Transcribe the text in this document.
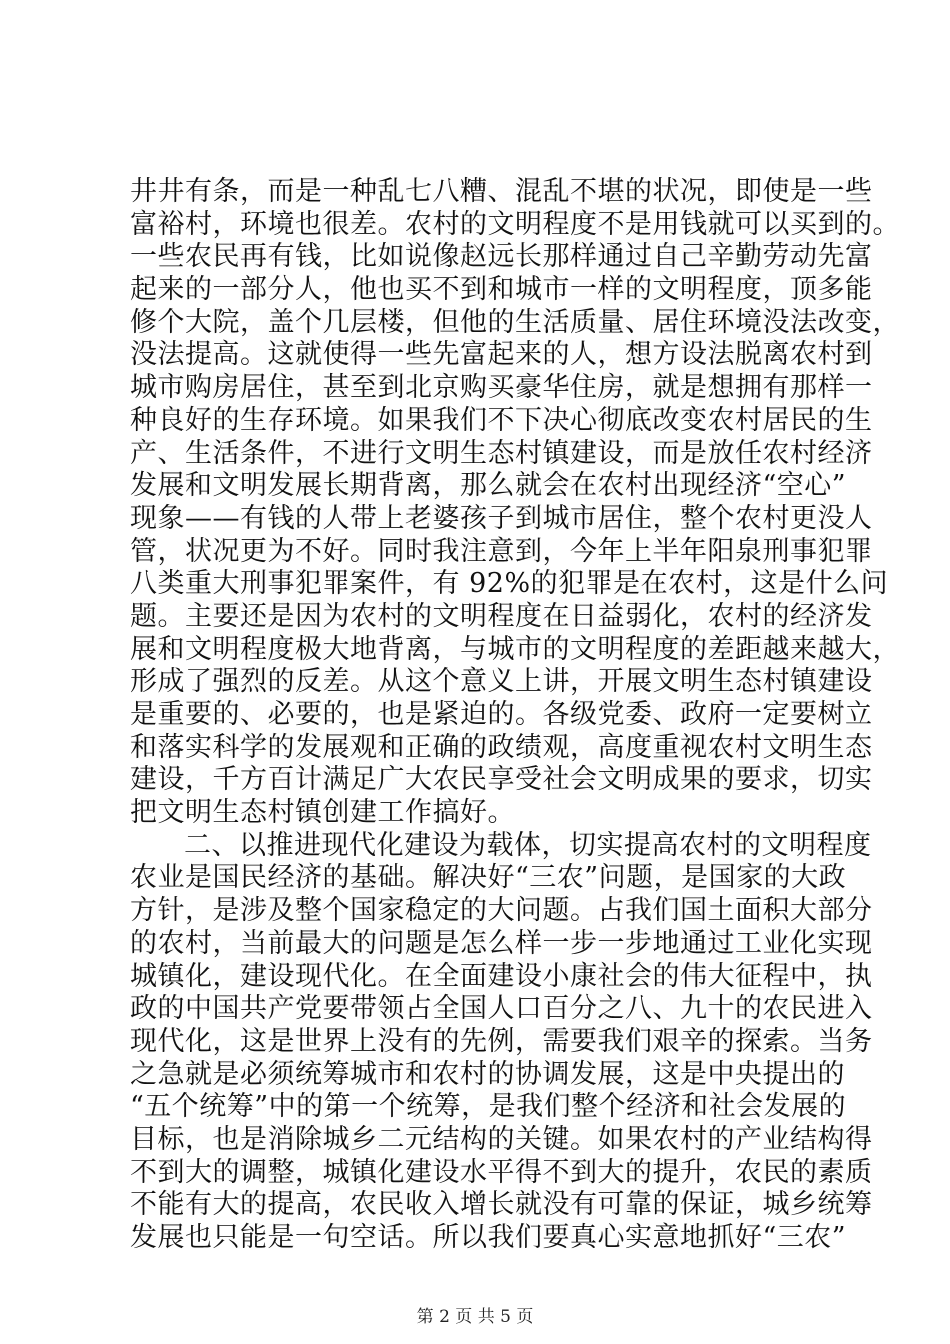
井井有条，而是一种乱七八糟、混乱不堪的状况，即使是一些
富裕村，环境也很差。农村的文明程度不是用钱就可以买到的。
一些农民再有钱，比如说像赵远长那样通过自己辛勤劳动先富
起来的一部分人，他也买不到和城市一样的文明程度，顶多能
修个大院，盖个几层楼，但他的生活质量、居住环境没法改变，
没法提高。这就使得一些先富起来的人，想方设法脱离农村到
城市购房居住，甚至到北京购买豪华住房，就是想拥有那样一
种良好的生存环境。如果我们不下决心彻底改变农村居民的生
产、生活条件，不进行文明生态村镇建设，而是放任农村经济
发展和文明发展长期背离，那么就会在农村出现经济“空心”
现象——有钱的人带上老婆孩子到城市居住，整个农村更没人
管，状况更为不好。同时我注意到，今年上半年阳泉刑事犯罪
八类重大刑事犯罪案件，有 92%的犯罪是在农村，这是什么问
题。主要还是因为农村的文明程度在日益弱化，农村的经济发
展和文明程度极大地背离，与城市的文明程度的差距越来越大，
形成了强烈的反差。从这个意义上讲，开展文明生态村镇建设
是重要的、必要的，也是紧迫的。各级党委、政府一定要树立
和落实科学的发展观和正确的政绩观，高度重视农村文明生态
建设，千方百计满足广大农民享受社会文明成果的要求，切实
把文明生态村镇创建工作搞好。
二、以推进现代化建设为载体，切实提高农村的文明程度
农业是国民经济的基础。解决好“三农”问题，是国家的大政
方针，是涉及整个国家稳定的大问题。占我们国土面积大部分
的农村，当前最大的问题是怎么样一步一步地通过工业化实现
城镇化，建设现代化。在全面建设小康社会的伟大征程中，执
政的中国共产党要带领占全国人口百分之八、九十的农民进入
现代化，这是世界上没有的先例，需要我们艰辛的探索。当务
之急就是必须统筹城市和农村的协调发展，这是中央提出的
“五个统筹”中的第一个统筹，是我们整个经济和社会发展的
目标，也是消除城乡二元结构的关键。如果农村的产业结构得
不到大的调整，城镇化建设水平得不到大的提升，农民的素质
不能有大的提高，农民收入增长就没有可靠的保证，城乡统筹
发展也只能是一句空话。所以我们要真心实意地抓好“三农”
第 2 页 共 5 页
